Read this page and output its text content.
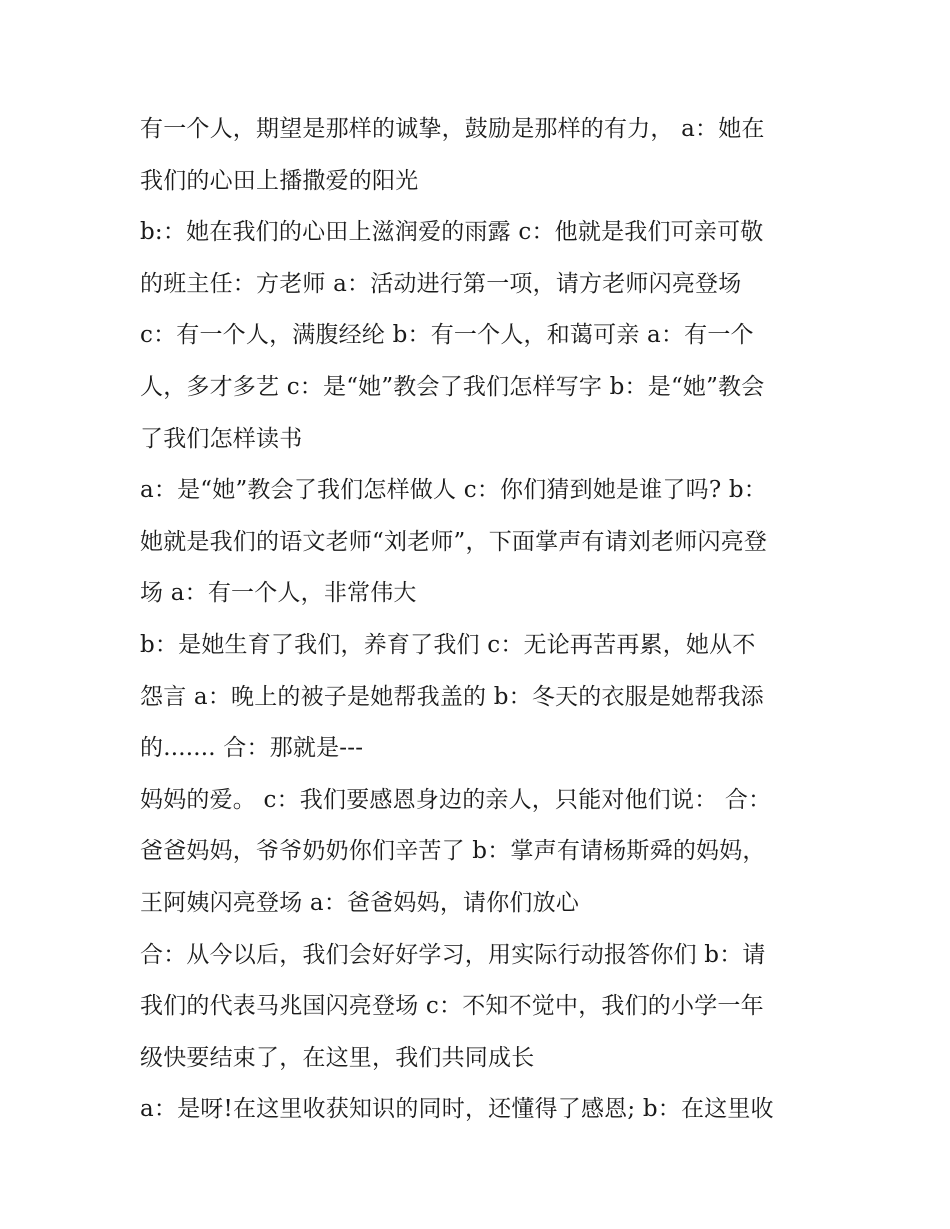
有一个人，期望是那样的诚挚，鼓励是那样的有力， a：她在
我们的心田上播撒爱的阳光
b:：她在我们的心田上滋润爱的雨露 c：他就是我们可亲可敬
的班主任：方老师 a：活动进行第一项，请方老师闪亮登场
c：有一个人，满腹经纶 b：有一个人，和蔼可亲 a：有一个
人，多才多艺 c：是“她”教会了我们怎样写字 b：是“她”教会
了我们怎样读书
a：是“她”教会了我们怎样做人 c：你们猜到她是谁了吗? b：
她就是我们的语文老师“刘老师”，下面掌声有请刘老师闪亮登
场 a：有一个人，非常伟大
b：是她生育了我们，养育了我们 c：无论再苦再累，她从不
怨言 a：晚上的被子是她帮我盖的 b：冬天的衣服是她帮我添
的....... 合：那就是---
妈妈的爱。 c：我们要感恩身边的亲人，只能对他们说： 合：
爸爸妈妈，爷爷奶奶你们辛苦了 b：掌声有请杨斯舜的妈妈，
王阿姨闪亮登场 a：爸爸妈妈，请你们放心
合：从今以后，我们会好好学习，用实际行动报答你们 b：请
我们的代表马兆国闪亮登场 c：不知不觉中，我们的小学一年
级快要结束了，在这里，我们共同成长
a：是呀!在这里收获知识的同时，还懂得了感恩; b：在这里收
